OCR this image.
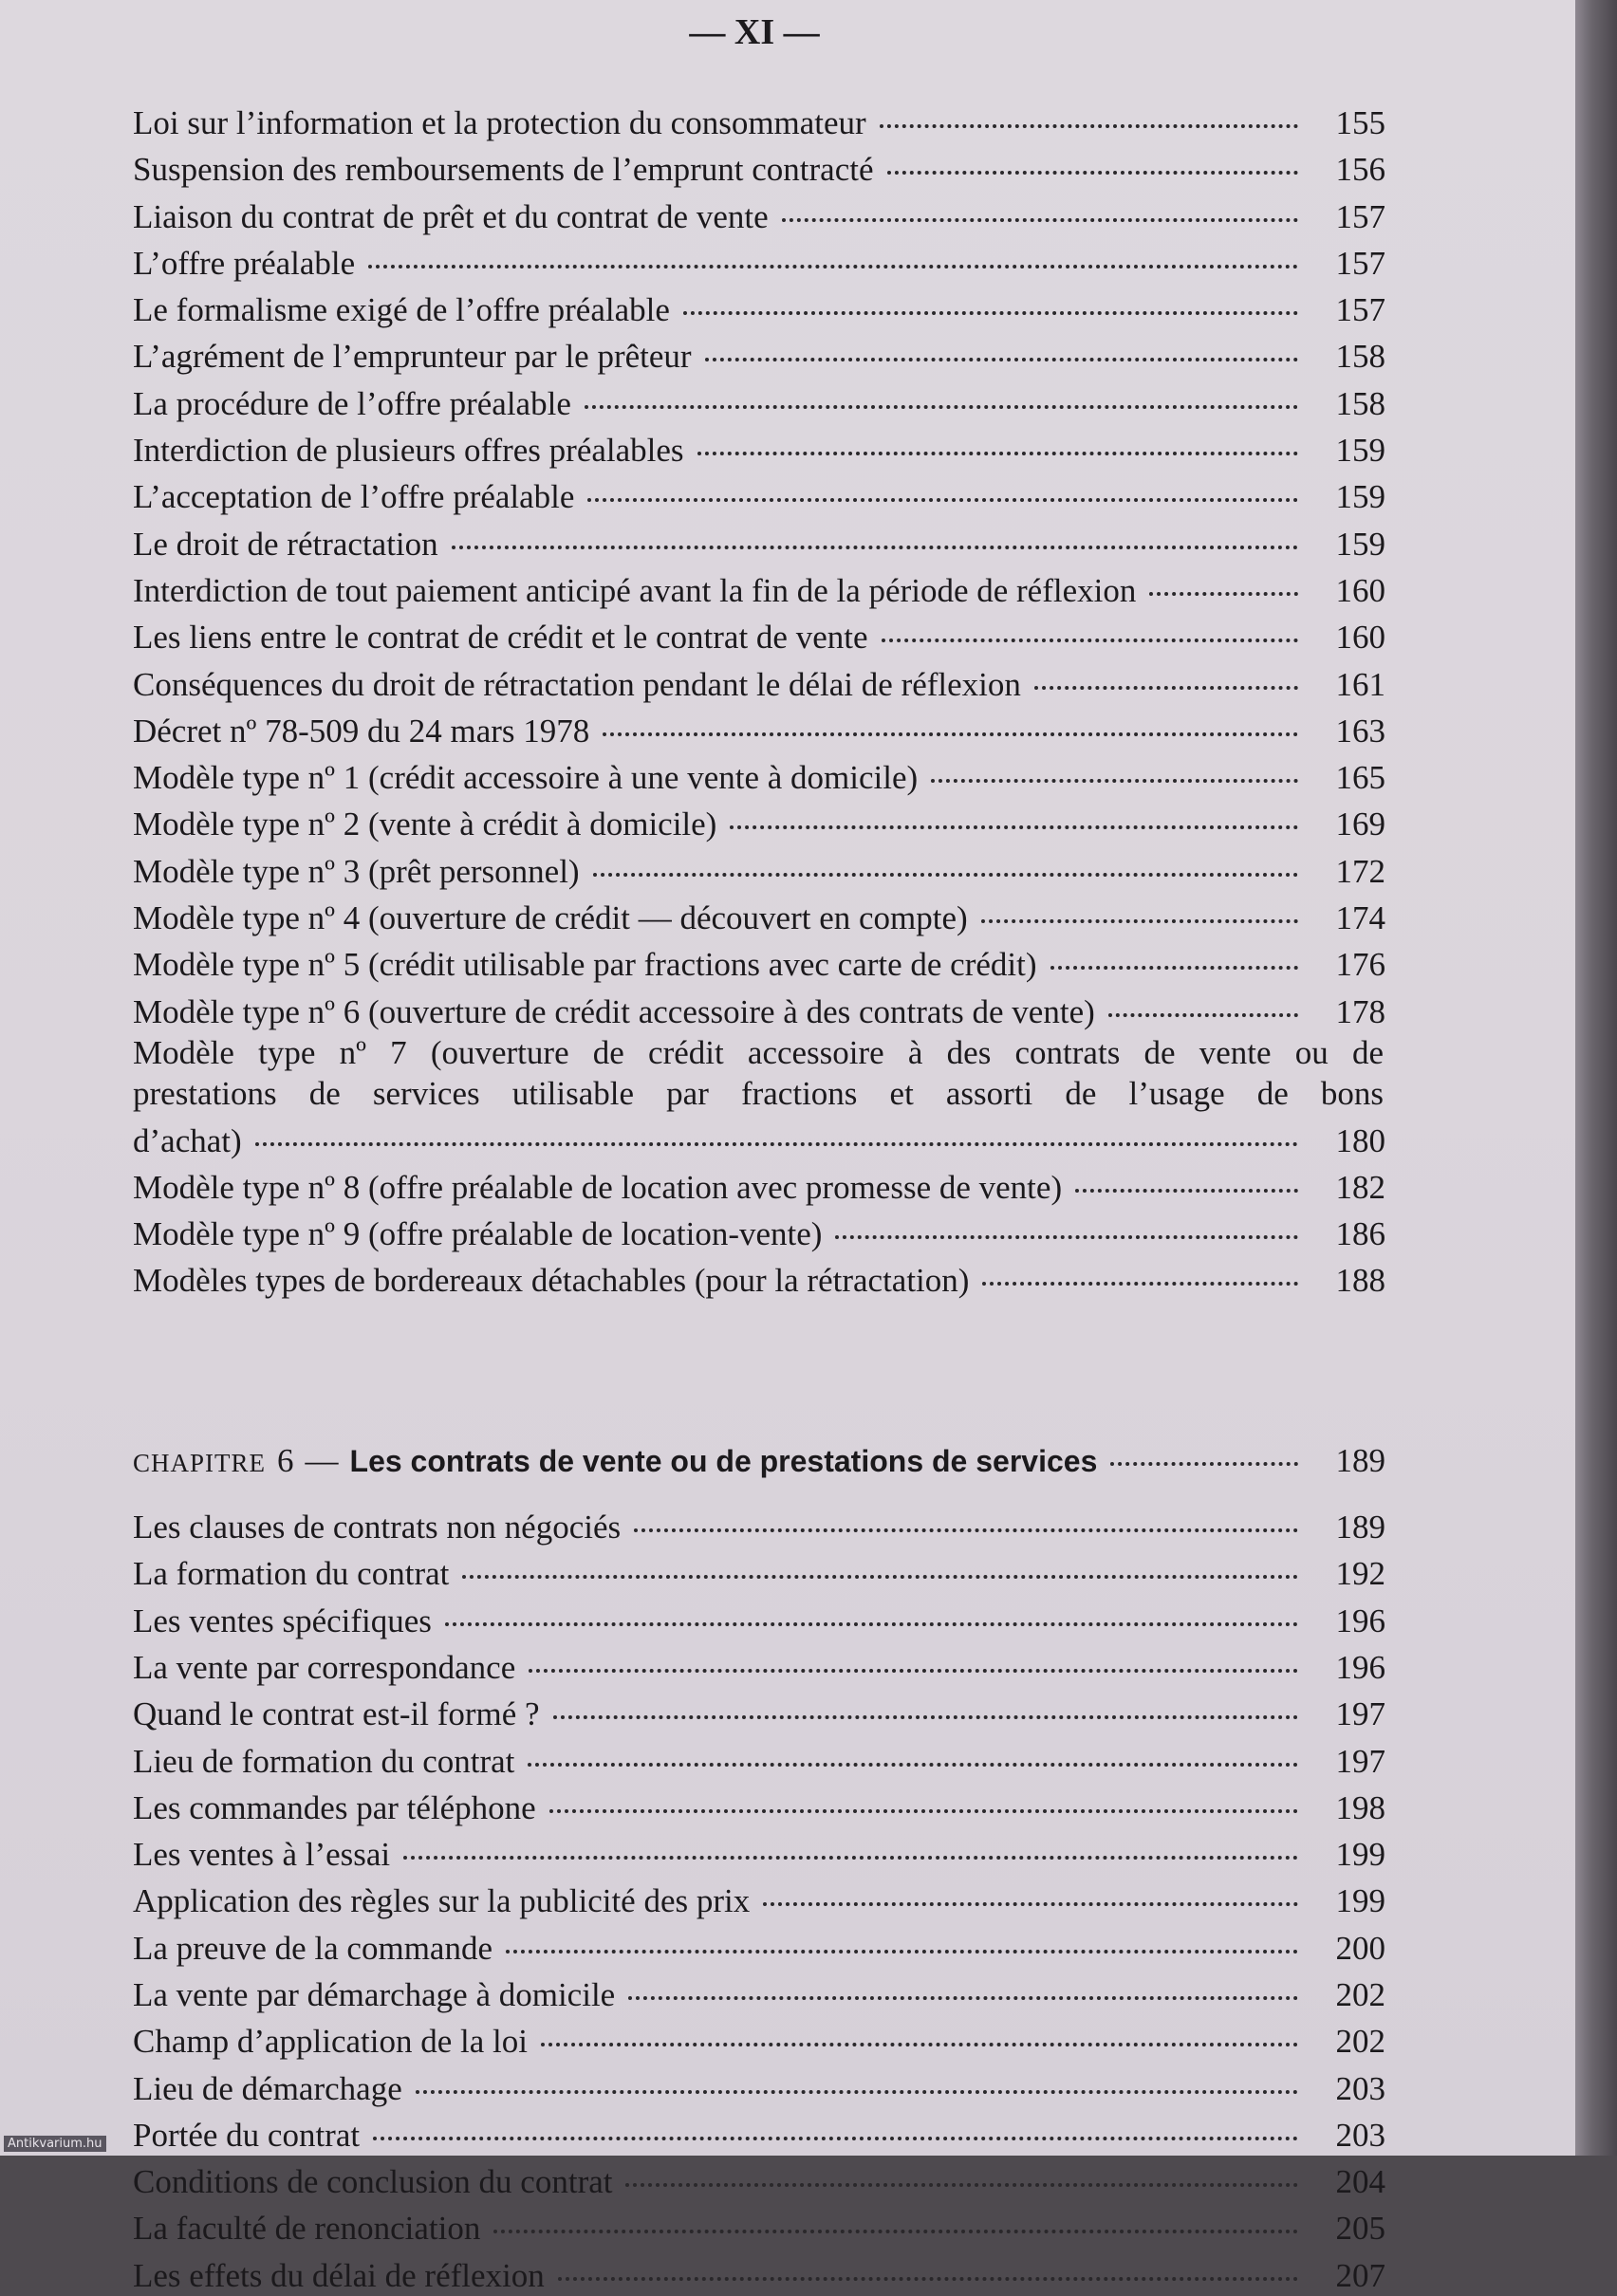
— XI —
Loi sur l’information et la protection du consommateur	155
Suspension des remboursements de l’emprunt contracté	156
Liaison du contrat de prêt et du contrat de vente	157
L’offre préalable	157
Le formalisme exigé de l’offre préalable	157
L’agrément de l’emprunteur par le prêteur	158
La procédure de l’offre préalable	158
Interdiction de plusieurs offres préalables	159
L’acceptation de l’offre préalable	159
Le droit de rétractation	159
Interdiction de tout paiement anticipé avant la fin de la période de réflexion	160
Les liens entre le contrat de crédit et le contrat de vente	160
Conséquences du droit de rétractation pendant le délai de réflexion	161
Décret nº 78-509 du 24 mars 1978	163
Modèle type nº 1 (crédit accessoire à une vente à domicile)	165
Modèle type nº 2 (vente à crédit à domicile)	169
Modèle type nº 3 (prêt personnel)	172
Modèle type nº 4 (ouverture de crédit — découvert en compte)	174
Modèle type nº 5 (crédit utilisable par fractions avec carte de crédit)	176
Modèle type nº 6 (ouverture de crédit accessoire à des contrats de vente)	178
Modèle type nº 7 (ouverture de crédit accessoire à des contrats de vente ou de
prestations de services utilisable par fractions et assorti de l’usage de bons
d’achat)	180
Modèle type nº 8 (offre préalable de location avec promesse de vente)	182
Modèle type nº 9 (offre préalable de location-vente)	186
Modèles types de bordereaux détachables (pour la rétractation)	188
CHAPITRE 6 — Les contrats de vente ou de prestations de services	189
Les clauses de contrats non négociés	189
La formation du contrat	192
Les ventes spécifiques	196
La vente par correspondance	196
Quand le contrat est-il formé ?	197
Lieu de formation du contrat	197
Les commandes par téléphone	198
Les ventes à l’essai	199
Application des règles sur la publicité des prix	199
La preuve de la commande	200
La vente par démarchage à domicile	202
Champ d’application de la loi	202
Lieu de démarchage	203
Portée du contrat	203
Conditions de conclusion du contrat	204
La faculté de renonciation	205
Les effets du délai de réflexion	207
Antikvarium.hu
